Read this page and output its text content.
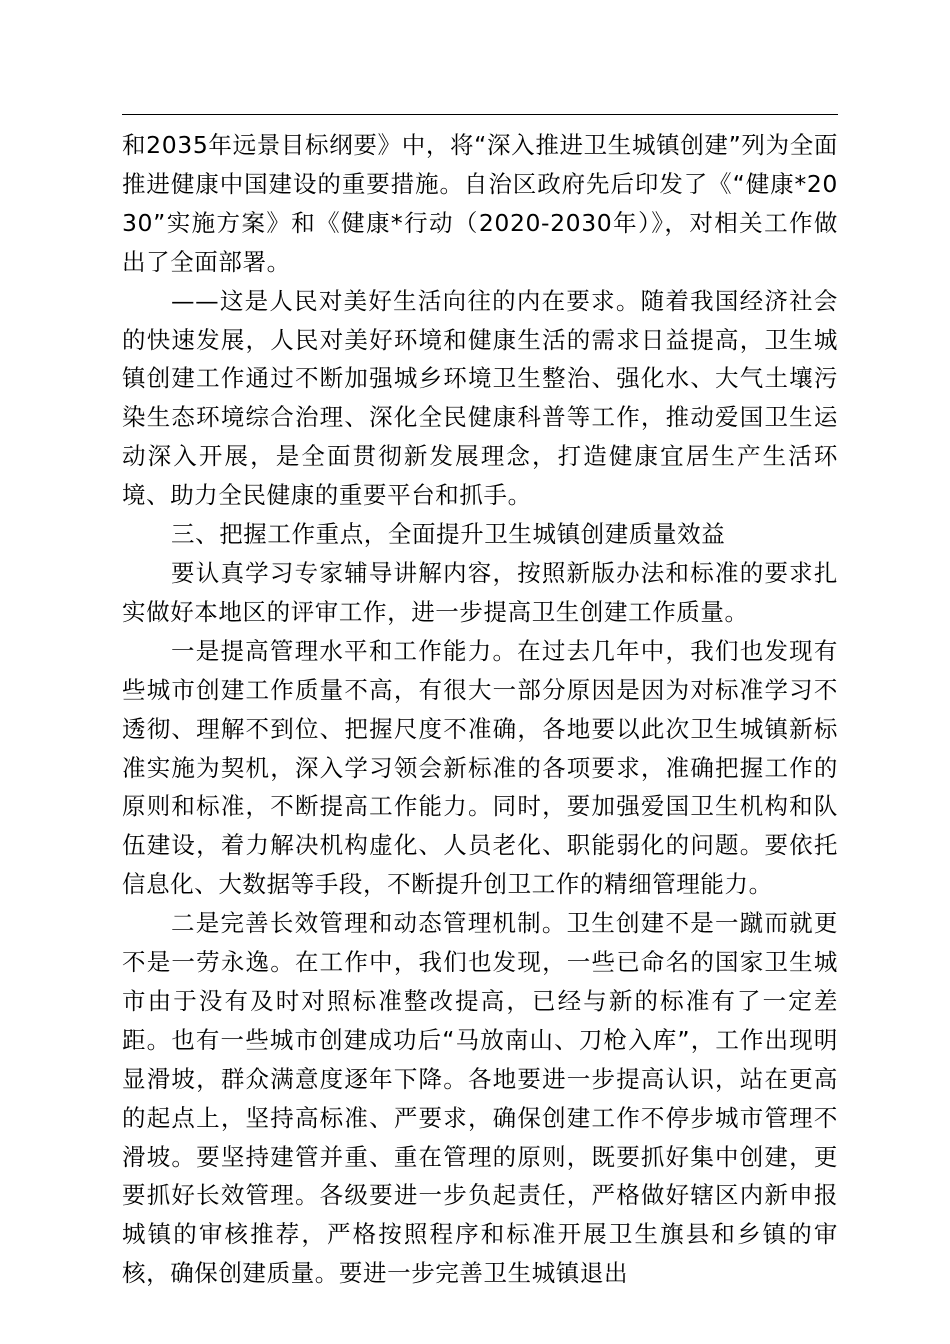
和2035年远景目标纲要》中，将“深入推进卫生城镇创建”列为全面推进健康中国建设的重要措施。自治区政府先后印发了《“健康*2030”实施方案》和《健康*行动（2020-2030年）》，对相关工作做出了全面部署。

——这是人民对美好生活向往的内在要求。随着我国经济社会的快速发展，人民对美好环境和健康生活的需求日益提高，卫生城镇创建工作通过不断加强城乡环境卫生整治、强化水、大气土壤污染生态环境综合治理、深化全民健康科普等工作，推动爱国卫生运动深入开展，是全面贯彻新发展理念，打造健康宜居生产生活环境、助力全民健康的重要平台和抓手。

三、把握工作重点，全面提升卫生城镇创建质量效益

要认真学习专家辅导讲解内容，按照新版办法和标准的要求扎实做好本地区的评审工作，进一步提高卫生创建工作质量。

一是提高管理水平和工作能力。在过去几年中，我们也发现有些城市创建工作质量不高，有很大一部分原因是因为对标准学习不透彻、理解不到位、把握尺度不准确，各地要以此次卫生城镇新标准实施为契机，深入学习领会新标准的各项要求，准确把握工作的原则和标准，不断提高工作能力。同时，要加强爱国卫生机构和队伍建设，着力解决机构虚化、人员老化、职能弱化的问题。要依托信息化、大数据等手段，不断提升创卫工作的精细管理能力。

二是完善长效管理和动态管理机制。卫生创建不是一蹴而就更不是一劳永逸。在工作中，我们也发现，一些已命名的国家卫生城市由于没有及时对照标准整改提高，已经与新的标准有了一定差距。也有一些城市创建成功后“马放南山、刀枪入库”，工作出现明显滑坡，群众满意度逐年下降。各地要进一步提高认识，站在更高的起点上，坚持高标准、严要求，确保创建工作不停步城市管理不滑坡。要坚持建管并重、重在管理的原则，既要抓好集中创建，更要抓好长效管理。各级要进一步负起责任，严格做好辖区内新申报城镇的审核推荐，严格按照程序和标准开展卫生旗县和乡镇的审核，确保创建质量。要进一步完善卫生城镇退出
